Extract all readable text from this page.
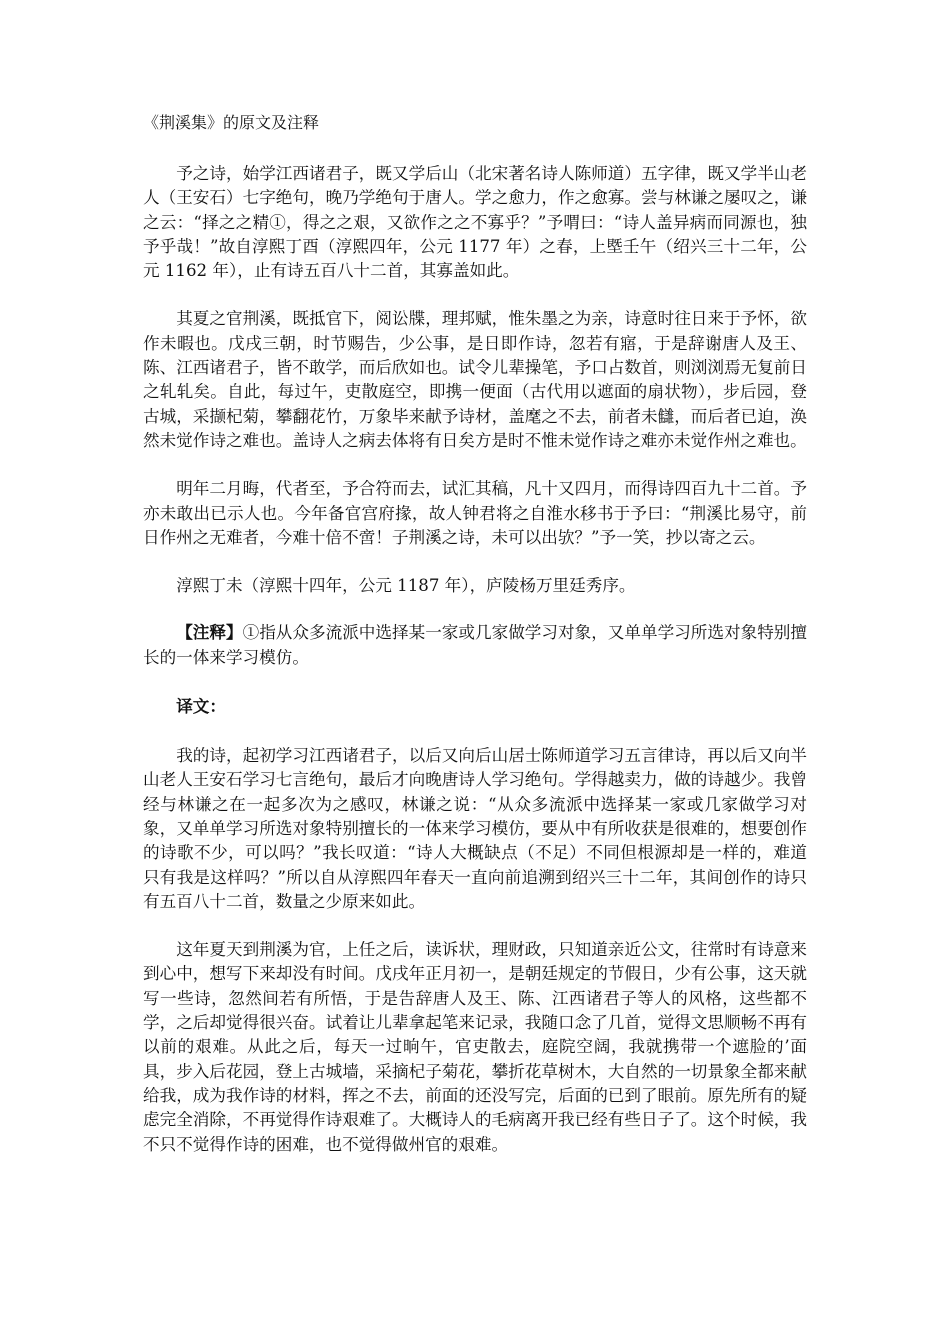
《荆溪集》的原文及注释

予之诗，始学江西诸君子，既又学后山（北宋著名诗人陈师道）五字律，既又学半山老人（王安石）七字绝句，晚乃学绝句于唐人。学之愈力，作之愈寡。尝与林谦之屡叹之，谦之云：“择之之精①，得之之艰，又欲作之之不寡乎？”予喟曰：“诗人盖异病而同源也，独予乎哉！”故自淳熙丁酉（淳熙四年，公元 1177 年）之春，上塈壬午（绍兴三十二年，公元 1162 年），止有诗五百八十二首，其寡盖如此。

其夏之官荆溪，既抵官下，阅讼牒，理邦赋，惟朱墨之为亲，诗意时往日来于予怀，欲作未暇也。戊戌三朝，时节赐告，少公事，是日即作诗，忽若有寤，于是辞谢唐人及王、陈、江西诸君子，皆不敢学，而后欣如也。试令儿辈操笔，予口占数首，则浏浏焉无复前日之轧轧矣。自此，每过午，吏散庭空，即携一便面（古代用以遮面的扇状物），步后园，登古城，采撷杞菊，攀翻花竹，万象毕来献予诗材，盖麾之不去，前者未讎，而后者已迫，涣然未觉作诗之难也。盖诗人之病去体将有日矣方是时不惟未觉作诗之难亦未觉作州之难也。

明年二月晦，代者至，予合符而去，试汇其稿，凡十又四月，而得诗四百九十二首。予亦未敢出已示人也。今年备官宫府掾，故人钟君将之自淮水移书于予曰：“荆溪比易守，前日作州之无难者，今难十倍不啻！子荆溪之诗，未可以出欤？”予一笑，抄以寄之云。

淳熙丁未（淳熙十四年，公元 1187 年），庐陵杨万里廷秀序。

【注释】①指从众多流派中选择某一家或几家做学习对象，又单单学习所选对象特别擅长的一体来学习模仿。

译文：

我的诗，起初学习江西诸君子，以后又向后山居士陈师道学习五言律诗，再以后又向半山老人王安石学习七言绝句，最后才向晚唐诗人学习绝句。学得越卖力，做的诗越少。我曾经与林谦之在一起多次为之感叹，林谦之说：“从众多流派中选择某一家或几家做学习对象，又单单学习所选对象特别擅长的一体来学习模仿，要从中有所收获是很难的，想要创作的诗歌不少，可以吗？”我长叹道：“诗人大概缺点（不足）不同但根源却是一样的，难道只有我是这样吗？”所以自从淳熙四年春天一直向前追溯到绍兴三十二年，其间创作的诗只有五百八十二首，数量之少原来如此。

这年夏天到荆溪为官，上任之后，读诉状，理财政，只知道亲近公文，往常时有诗意来到心中，想写下来却没有时间。戊戌年正月初一，是朝廷规定的节假日，少有公事，这天就写一些诗，忽然间若有所悟，于是告辞唐人及王、陈、江西诸君子等人的风格，这些都不学，之后却觉得很兴奋。试着让儿辈拿起笔来记录，我随口念了几首，觉得文思顺畅不再有以前的艰难。从此之后，每天一过晌午，官吏散去，庭院空阔，我就携带一个遮脸的’面具，步入后花园，登上古城墙，采摘杞子菊花，攀折花草树木，大自然的一切景象全都来献给我，成为我作诗的材料，挥之不去，前面的还没写完，后面的已到了眼前。原先所有的疑虑完全消除，不再觉得作诗艰难了。大概诗人的毛病离开我已经有些日子了。这个时候，我不只不觉得作诗的困难，也不觉得做州官的艰难。
